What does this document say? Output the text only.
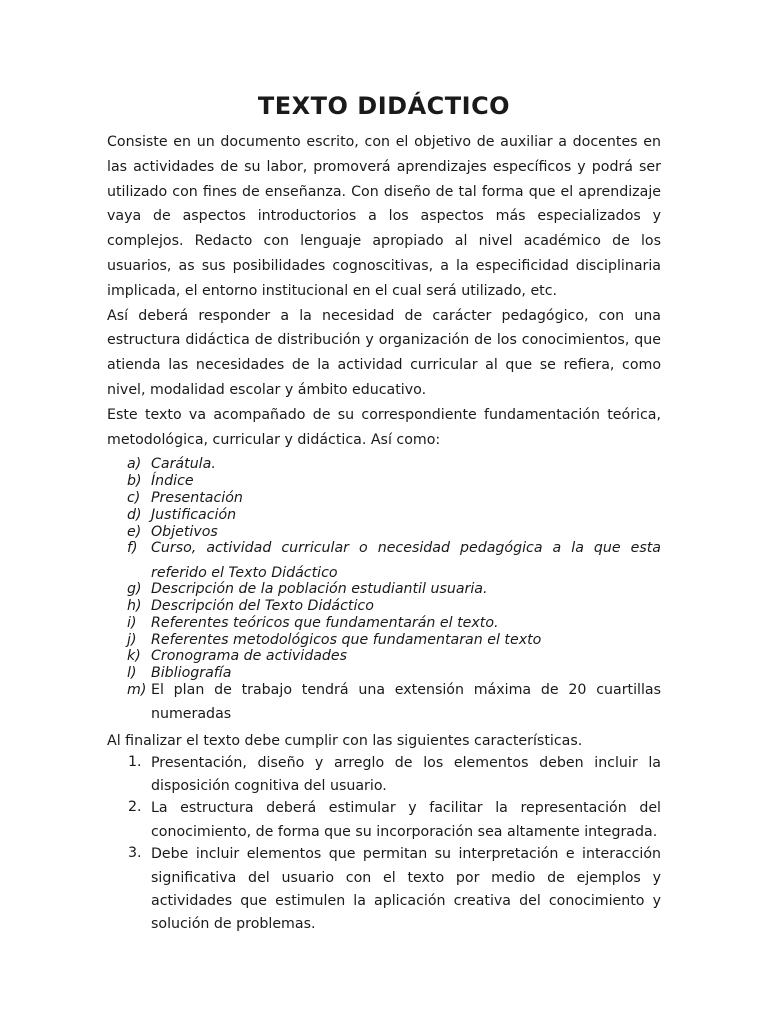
TEXTO DIDÁCTICO

Consiste en un documento escrito, con el objetivo de auxiliar a docentes en las actividades de su labor, promoverá aprendizajes específicos y podrá ser utilizado con fines de enseñanza. Con diseño de tal forma que el aprendizaje vaya de aspectos introductorios a los aspectos más especializados y complejos. Redacto con lenguaje apropiado al nivel académico de los usuarios, as sus posibilidades cognoscitivas, a la especificidad disciplinaria implicada, el entorno institucional en el cual será utilizado, etc.

Así deberá responder a la necesidad de carácter pedagógico, con una estructura didáctica de distribución y organización de los conocimientos, que atienda las necesidades de la actividad curricular al que se refiera, como nivel, modalidad escolar y ámbito educativo.

Este texto va acompañado de su correspondiente fundamentación teórica, metodológica, curricular y didáctica. Así como:

a) Carátula.
b) Índice
c) Presentación
d) Justificación
e) Objetivos
f) Curso, actividad curricular o necesidad pedagógica a la que esta referido el Texto Didáctico
g) Descripción de la población estudiantil usuaria.
h) Descripción del Texto Didáctico
i) Referentes teóricos que fundamentarán el texto.
j) Referentes metodológicos que fundamentaran el texto
k) Cronograma de actividades
l) Bibliografía
m) El plan de trabajo tendrá una extensión máxima de 20 cuartillas numeradas

Al finalizar el texto debe cumplir con las siguientes características.

1. Presentación, diseño y arreglo de los elementos deben incluir la disposición cognitiva del usuario.
2. La estructura deberá estimular y facilitar la representación del conocimiento, de forma que su incorporación sea altamente integrada.
3. Debe incluir elementos que permitan su interpretación e interacción significativa del usuario con el texto por medio de ejemplos y actividades que estimulen la aplicación creativa del conocimiento y solución de problemas.
